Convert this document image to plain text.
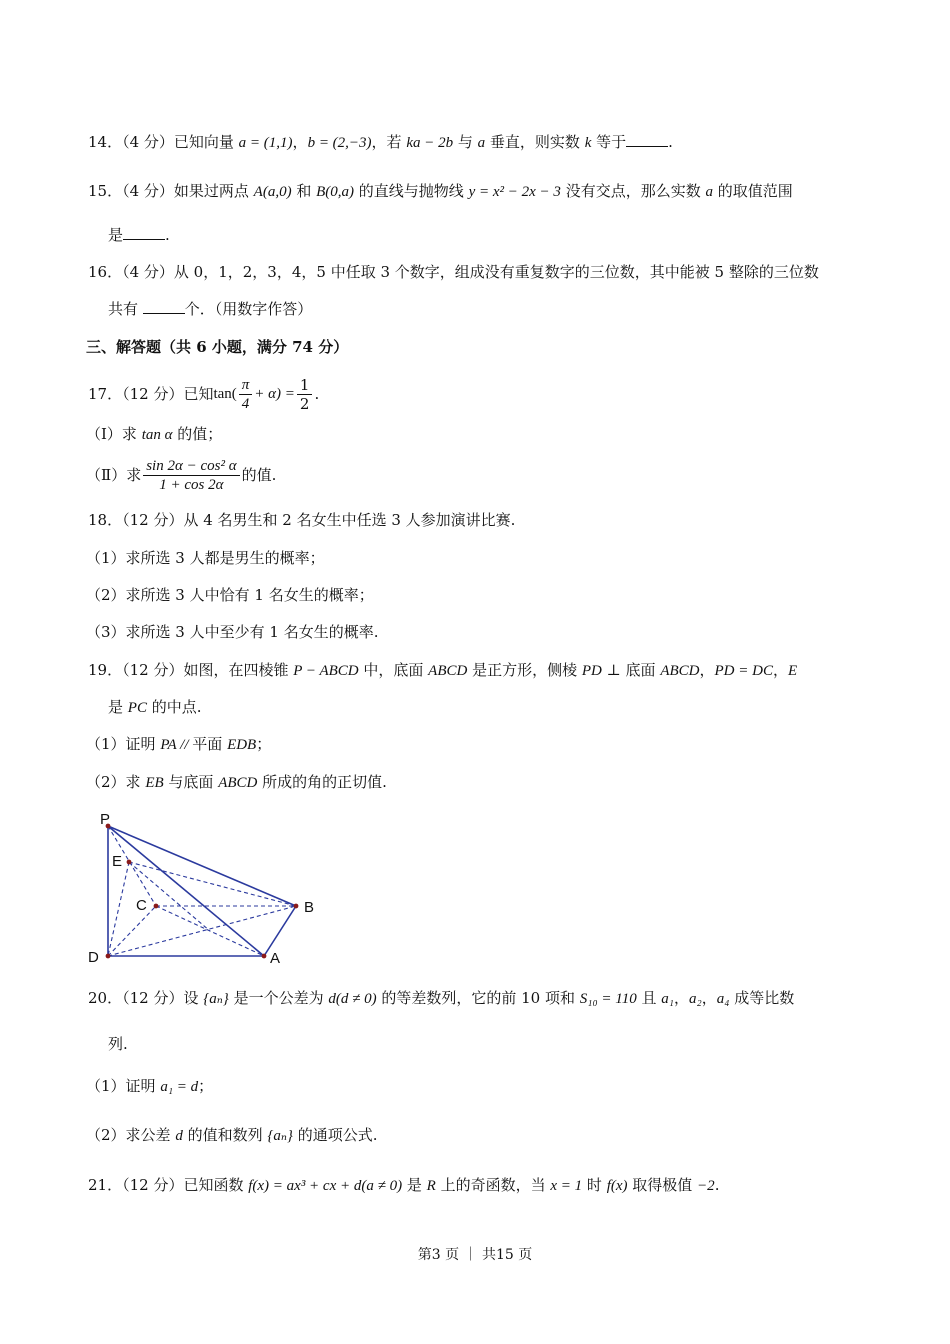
14．（4 分）已知向量 a = (1,1)，b = (2,−3)，若 ka − 2b 与 a 垂直，则实数 k 等于	.
15．（4 分）如果过两点 A(a,0) 和 B(0,a) 的直线与抛物线 y = x² − 2x − 3 没有交点，那么实数 a 的取值范围
是	.
16．（4 分）从 0，1，2，3，4，5 中任取 3 个数字，组成没有重复数字的三位数，其中能被 5 整除的三位数
共有	个．（用数字作答）
三、解答题（共 6 小题，满分 74 分）
17．（12 分）已知 $\tan( \frac{\pi}{4} + \alpha) = \frac{1}{2}$ .
（Ⅰ）求 tan α 的值；
（Ⅱ）求 $\frac{\text{sin 2α − cos² α}}{1 + \cos 2\alpha}$ 的值.
18．（12 分）从 4 名男生和 2 名女生中任选 3 人参加演讲比赛.
（1）求所选 3 人都是男生的概率；
（2）求所选 3 人中恰有 1 名女生的概率；
（3）求所选 3 人中至少有 1 名女生的概率.
19．（12 分）如图，在四棱锥 P − ABCD 中，底面 ABCD 是正方形，侧棱 PD ⊥ 底面 ABCD，PD = DC，E
是 PC 的中点.
（1）证明 PA // 平面 EDB；
（2）求 EB 与底面 ABCD 所成的角的正切值.
P
E
C	B
D	A
20．（12 分）设 {aₙ} 是一个公差为 d(d ≠ 0) 的等差数列，它的前 10 项和 S₁₀ = 110 且 a₁，a₂，a₄ 成等比数
列.
（1）证明 a₁ = d；
（2）求公差 d 的值和数列 {aₙ} 的通项公式.
21．（12 分）已知函数 f(x) = ax³ + cx + d(a ≠ 0) 是 R 上的奇函数，当 x = 1 时 f(x) 取得极值 −2.
第3 页 ｜ 共15 页
